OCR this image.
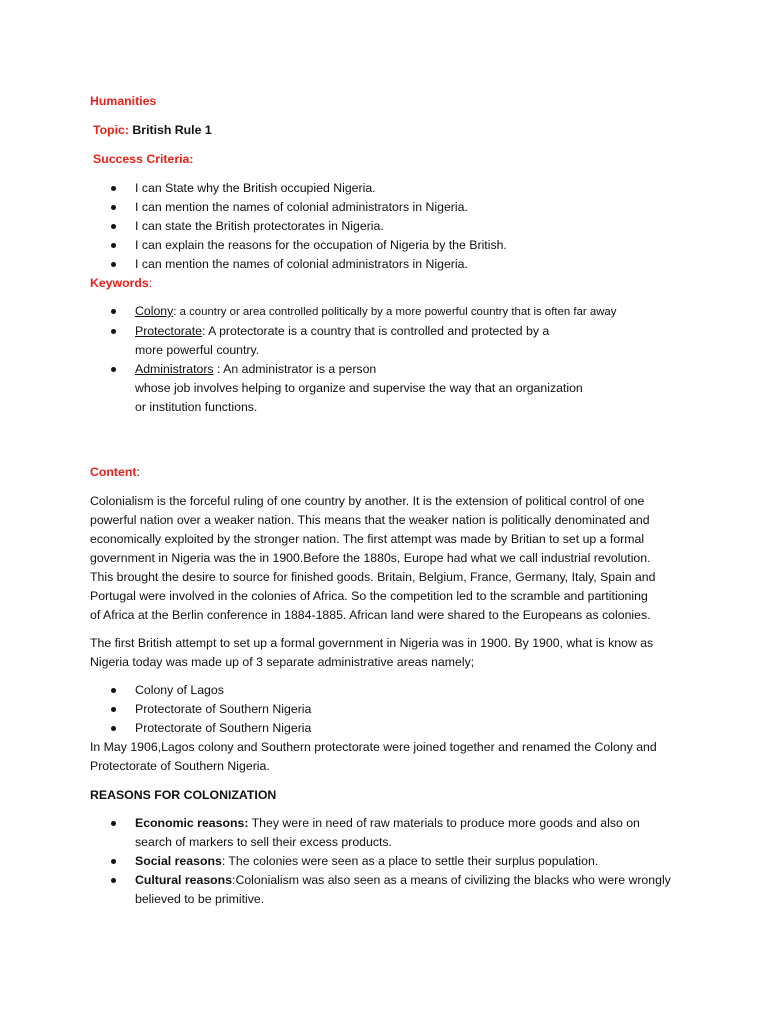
Humanities
Topic: British Rule 1
Success Criteria:
I can State why the British occupied Nigeria.
I can mention the names of colonial administrators in Nigeria.
I can state the British protectorates in Nigeria.
I can explain the reasons for the occupation of Nigeria by the British.
I can mention the names of colonial administrators in Nigeria.
Keywords:
Colony: a country or area controlled politically by a more powerful country that is often far away
Protectorate: A protectorate is a country that is controlled and protected by a
more powerful country.
Administrators : An administrator is a person
whose job involves helping to organize and supervise the way that an organization
or institution functions.
Content:
Colonialism is the forceful ruling of one country by another. It is the extension of political control of one
powerful nation over a weaker nation. This means that the weaker nation is politically denominated and
economically exploited by the stronger nation. The first attempt was made by Britian to set up a formal
government in Nigeria was the in 1900.Before the 1880s, Europe had what we call industrial revolution.
This brought the desire to source for finished goods. Britain, Belgium, France, Germany, Italy, Spain and
Portugal were involved in the colonies of Africa. So the competition led to the scramble and partitioning
of Africa at the Berlin conference in 1884-1885. African land were shared to the Europeans as colonies.
The first British attempt to set up a formal government in Nigeria was in 1900. By 1900, what is know as
Nigeria today was made up of 3 separate administrative areas namely;
Colony of Lagos
Protectorate of Southern Nigeria
Protectorate of Southern Nigeria
In May 1906,Lagos colony and Southern protectorate were joined together and renamed the Colony and
Protectorate of Southern Nigeria.
REASONS FOR COLONIZATION
Economic reasons: They were in need of raw materials to produce more goods and also on
search of markers to sell their excess products.
Social reasons: The colonies were seen as a place to settle their surplus population.
Cultural reasons:Colonialism was also seen as a means of civilizing the blacks who were wrongly
believed to be primitive.
